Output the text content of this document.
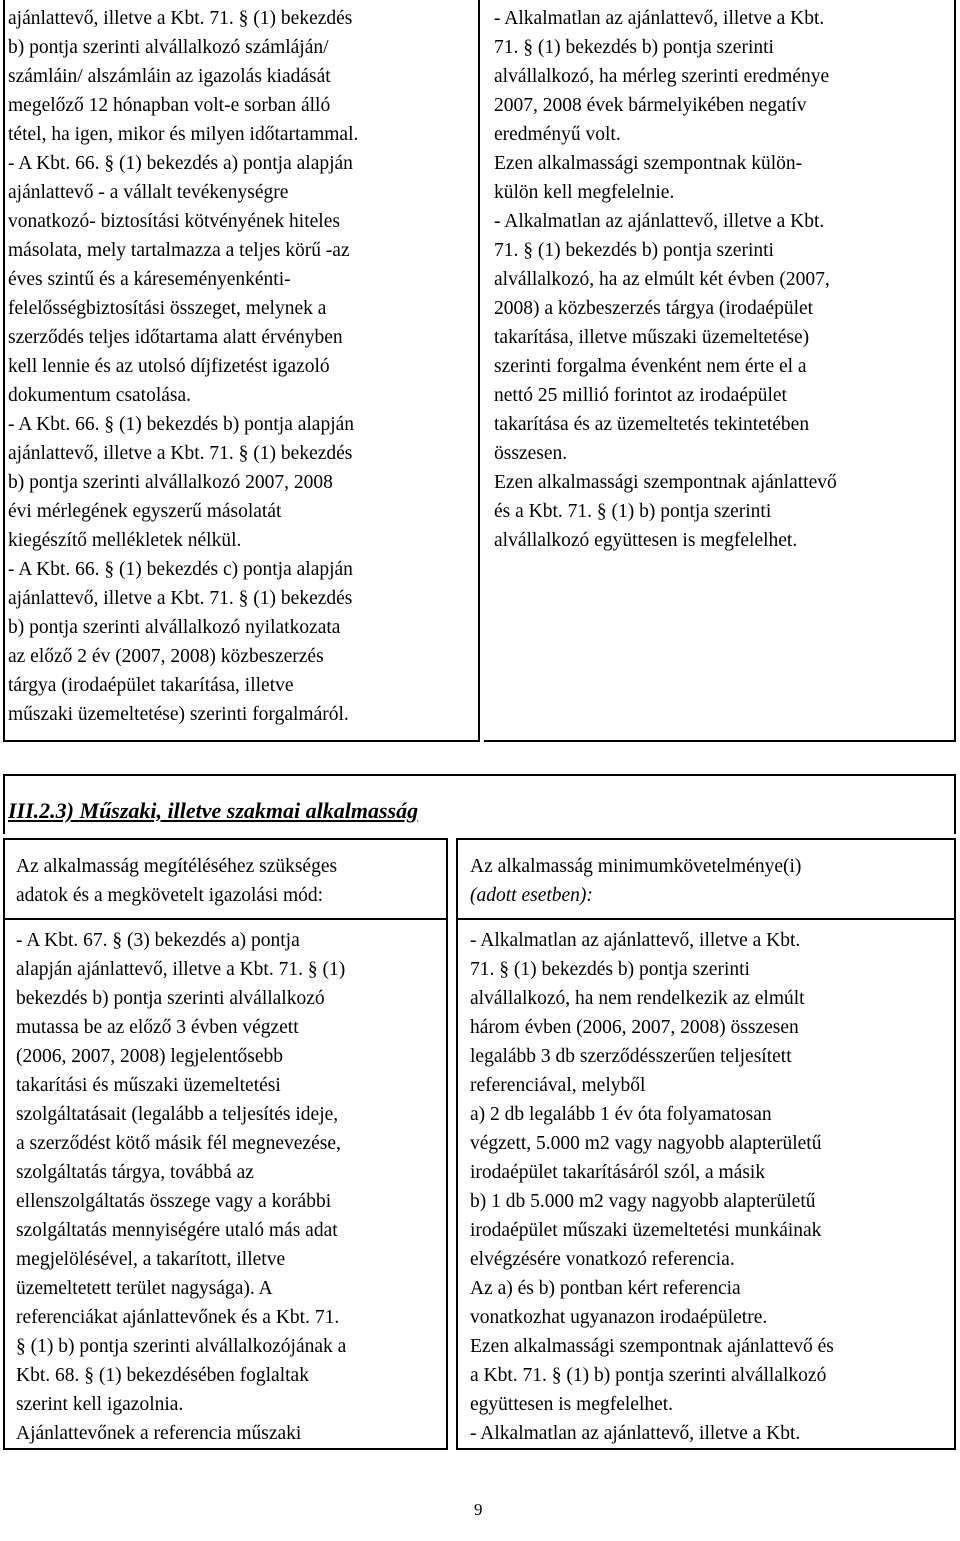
ajánlattevő, illetve a Kbt. 71. § (1) bekezdés
b) pontja szerinti alvállalkozó számláján/
számláin/ alszámláin az igazolás kiadását
megelőző 12 hónapban volt-e sorban álló
tétel, ha igen, mikor és milyen időtartammal.
- A Kbt. 66. § (1) bekezdés a) pontja alapján
ajánlattevő - a vállalt tevékenységre
vonatkozó- biztosítási kötvényének hiteles
másolata, mely tartalmazza a teljes körű -az
éves szintű és a káreseményenkénti-
felelősségbiztosítási összeget, melynek a
szerződés teljes időtartama alatt érvényben
kell lennie és az utolsó díjfizetést igazoló
dokumentum csatolása.
- A Kbt. 66. § (1) bekezdés b) pontja alapján
ajánlattevő, illetve a Kbt. 71. § (1) bekezdés
b) pontja szerinti alvállalkozó 2007, 2008
évi mérlegének egyszerű másolatát
kiegészítő mellékletek nélkül.
- A Kbt. 66. § (1) bekezdés c) pontja alapján
ajánlattevő, illetve a Kbt. 71. § (1) bekezdés
b) pontja szerinti alvállalkozó nyilatkozata
az előző 2 év (2007, 2008) közbeszerzés
tárgya (irodaépület takarítása, illetve
műszaki üzemeltetése) szerinti forgalmáról.
- Alkalmatlan az ajánlattevő, illetve a Kbt.
71. § (1) bekezdés b) pontja szerinti
alvállalkozó, ha mérleg szerinti eredménye
2007, 2008 évek bármelyikében negatív
eredményű volt.
Ezen alkalmassági szempontnak külön-
külön kell megfelelnie.
- Alkalmatlan az ajánlattevő, illetve a Kbt.
71. § (1) bekezdés b) pontja szerinti
alvállalkozó, ha az elmúlt két évben (2007,
2008) a közbeszerzés tárgya (irodaépület
takarítása, illetve műszaki üzemeltetése)
szerinti forgalma évenként nem érte el a
nettó 25 millió forintot az irodaépület
takarítása és az üzemeltetés tekintetében
összesen.
Ezen alkalmassági szempontnak ajánlattevő
és a Kbt. 71. § (1) b) pontja szerinti
alvállalkozó együttesen is megfelelhet.
III.2.3) Műszaki, illetve szakmai alkalmasság
Az alkalmasság megítéléséhez szükséges
adatok és a megkövetelt igazolási mód:
Az alkalmasság minimumkövetelménye(i)
(adott esetben):
- A Kbt. 67. § (3) bekezdés a) pontja
alapján ajánlattevő, illetve a Kbt. 71. § (1)
bekezdés b) pontja szerinti alvállalkozó
mutassa be az előző 3 évben végzett
(2006, 2007, 2008) legjelentősebb
takarítási és műszaki üzemeltetési
szolgáltatásait (legalább a teljesítés ideje,
a szerződést kötő másik fél megnevezése,
szolgáltatás tárgya, továbbá az
ellenszolgáltatás összege vagy a korábbi
szolgáltatás mennyiségére utaló más adat
megjelölésével, a takarított, illetve
üzemeltetett terület nagysága). A
referenciákat ajánlattevőnek és a Kbt. 71.
§ (1) b) pontja szerinti alvállalkozójának a
Kbt. 68. § (1) bekezdésében foglaltak
szerint kell igazolnia.
Ajánlattevőnek a referencia műszaki
- Alkalmatlan az ajánlattevő, illetve a Kbt.
71. § (1) bekezdés b) pontja szerinti
alvállalkozó, ha nem rendelkezik az elmúlt
három évben (2006, 2007, 2008) összesen
legalább 3 db szerződésszerűen teljesített
referenciával, melyből
a) 2 db legalább 1 év óta folyamatosan
végzett, 5.000 m2 vagy nagyobb alapterületű
irodaépület takarításáról szól, a másik
b) 1 db 5.000 m2 vagy nagyobb alapterületű
irodaépület műszaki üzemeltetési munkáinak
elvégzésére vonatkozó referencia.
Az a) és b) pontban kért referencia
vonatkozhat ugyanazon irodaépületre.
Ezen alkalmassági szempontnak ajánlattevő és
a Kbt. 71. § (1) b) pontja szerinti alvállalkozó
együttesen is megfelelhet.
- Alkalmatlan az ajánlattevő, illetve a Kbt.
9
